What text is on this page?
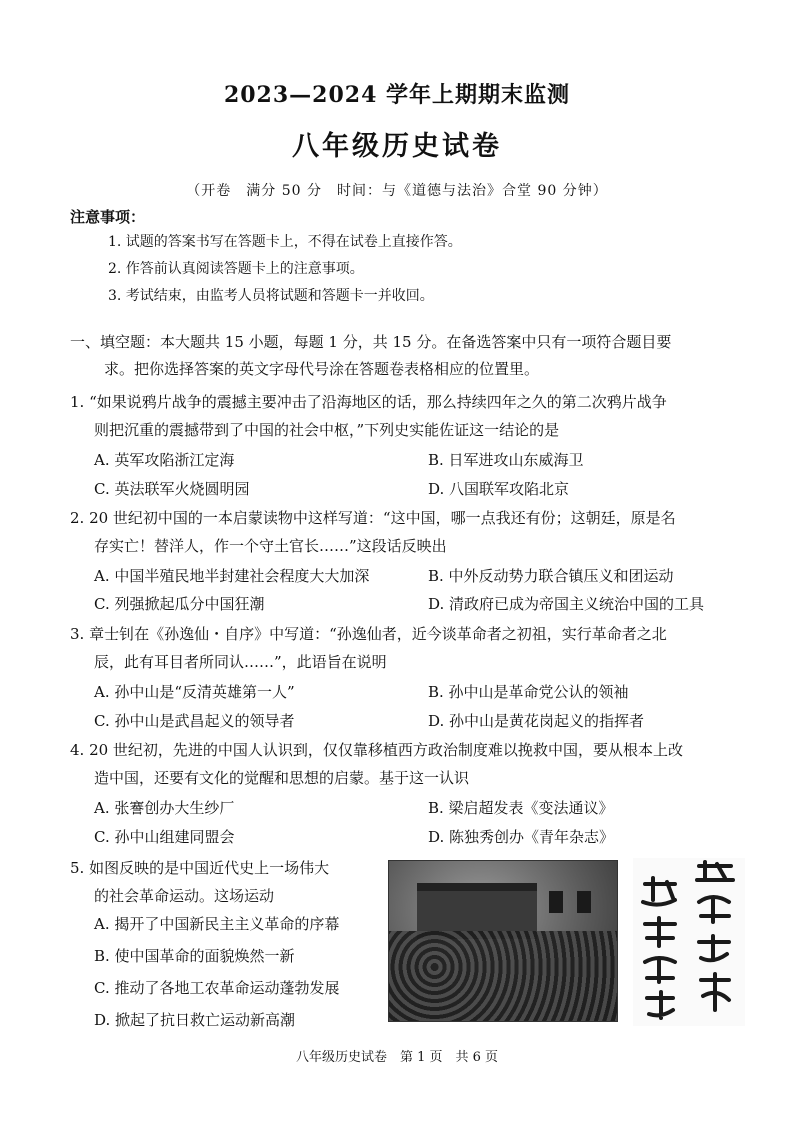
2023—2024 学年上期期末监测
八年级历史试卷
（开卷　满分 50 分　时间：与《道德与法治》合堂 90 分钟）
注意事项：
1. 试题的答案书写在答题卡上，不得在试卷上直接作答。
2. 作答前认真阅读答题卡上的注意事项。
3. 考试结束，由监考人员将试题和答题卡一并收回。
一、填空题：本大题共 15 小题，每题 1 分，共 15 分。在备选答案中只有一项符合题目要
求。把你选择答案的英文字母代号涂在答题卷表格相应的位置里。
1. “如果说鸦片战争的震撼主要冲击了沿海地区的话，那么持续四年之久的第二次鸦片战争
则把沉重的震撼带到了中国的社会中枢，”下列史实能佐证这一结论的是
A. 英军攻陷浙江定海	B. 日军进攻山东威海卫
C. 英法联军火烧圆明园	D. 八国联军攻陷北京
2. 20 世纪初中国的一本启蒙读物中这样写道：“这中国，哪一点我还有份；这朝廷，原是名
存实亡！替洋人，作一个守土官长……”这段话反映出
A. 中国半殖民地半封建社会程度大大加深	B. 中外反动势力联合镇压义和团运动
C. 列强掀起瓜分中国狂潮	D. 清政府已成为帝国主义统治中国的工具
3. 章士钊在《孙逸仙・自序》中写道：“孙逸仙者，近今谈革命者之初祖，实行革命者之北
辰，此有耳目者所同认……”，此语旨在说明
A. 孙中山是“反清英雄第一人”	B. 孙中山是革命党公认的领袖
C. 孙中山是武昌起义的领导者	D. 孙中山是黄花岗起义的指挥者
4. 20 世纪初，先进的中国人认识到，仅仅靠移植西方政治制度难以挽救中国，要从根本上改
造中国，还要有文化的觉醒和思想的启蒙。基于这一认识
A. 张謇创办大生纱厂	B. 梁启超发表《变法通议》
C. 孙中山组建同盟会	D. 陈独秀创办《青年杂志》
5. 如图反映的是中国近代史上一场伟大
的社会革命运动。这场运动
A. 揭开了中国新民主主义革命的序幕
B. 使中国革命的面貌焕然一新
C. 推动了各地工农革命运动蓬勃发展
D. 掀起了抗日救亡运动新高潮
八年级历史试卷　第 1 页　共 6 页
